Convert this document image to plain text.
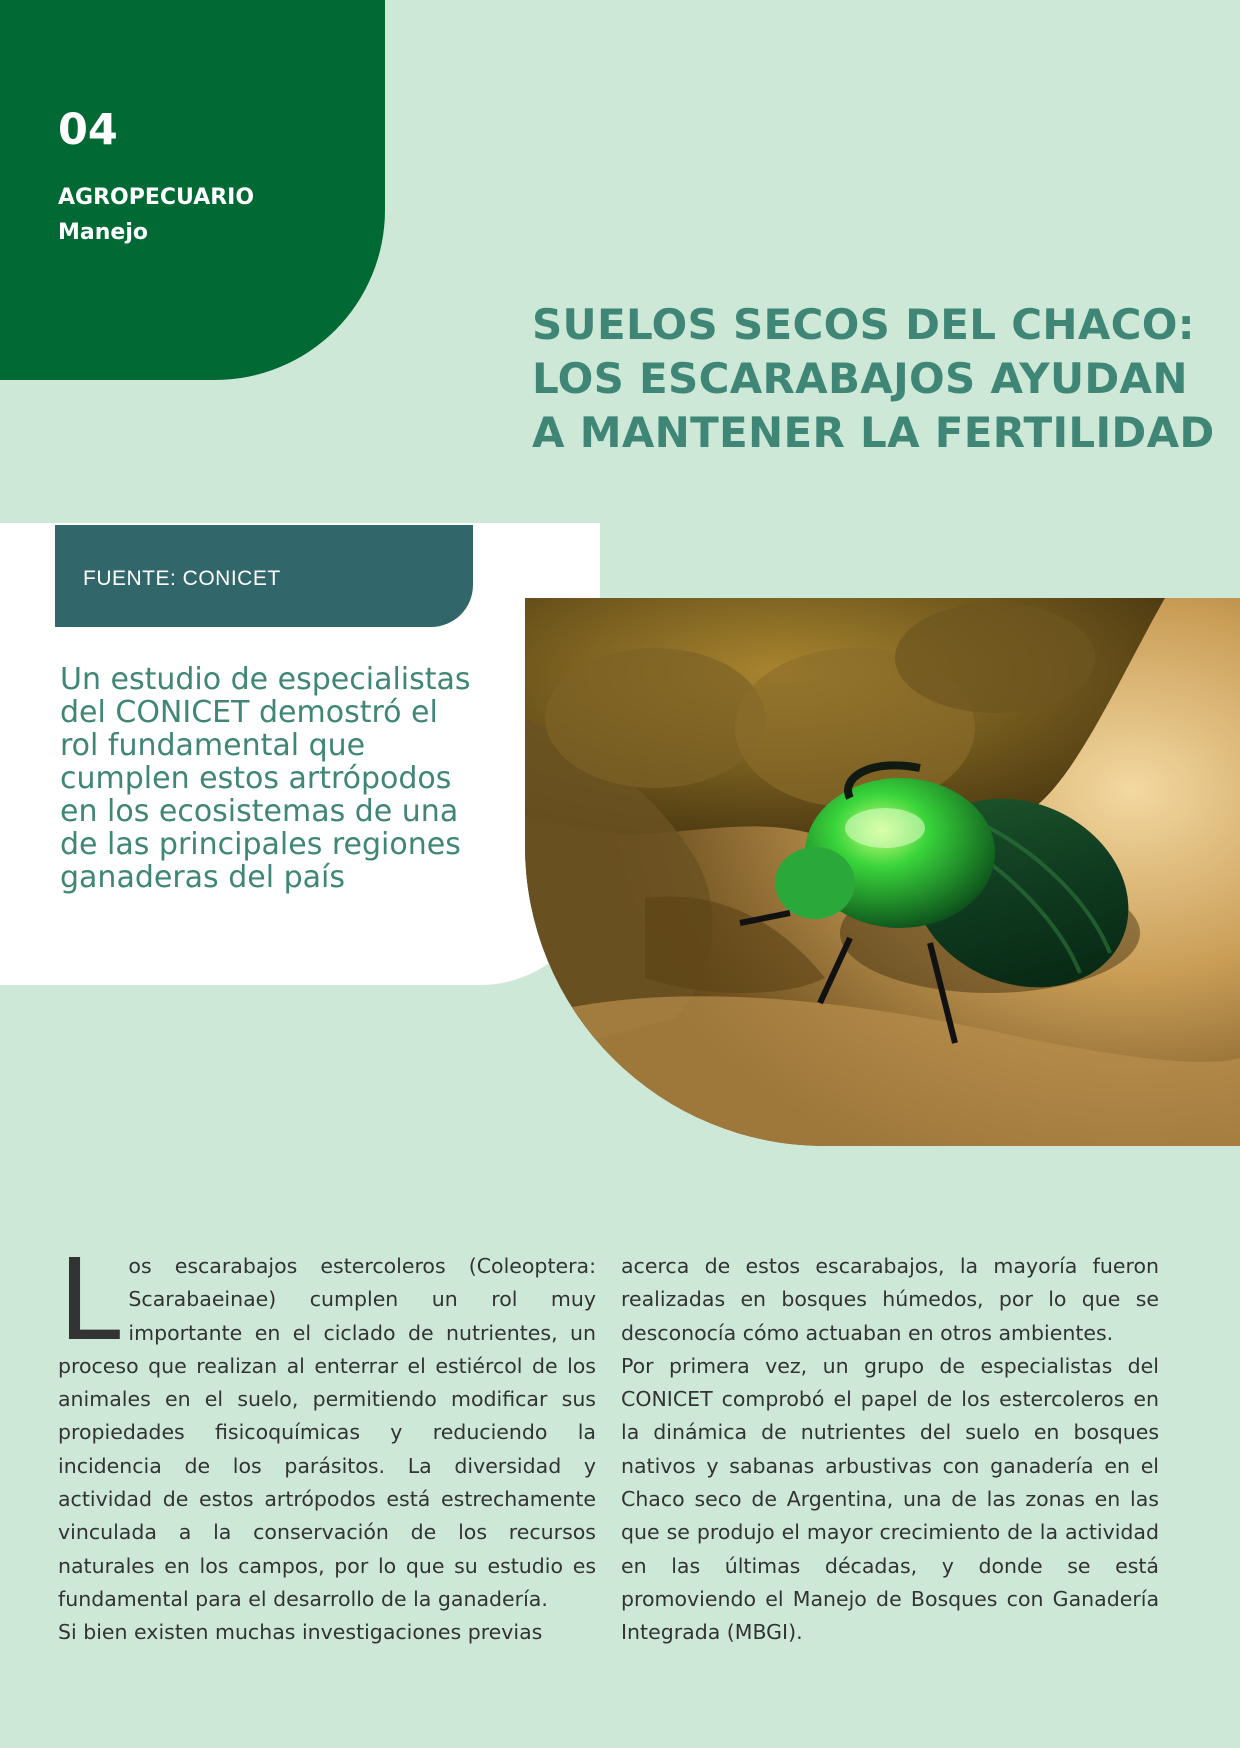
04
AGROPECUARIO
Manejo
SUELOS SECOS DEL CHACO:
LOS ESCARABAJOS AYUDAN
A MANTENER LA FERTILIDAD
FUENTE: CONICET

Un estudio de especialistas
del CONICET demostró el
rol fundamental que
cumplen estos artrópodos
en los ecosistemas de una
de las principales regiones
ganaderas del país

Los escarabajos estercoleros (Coleoptera: Scarabaeinae) cumplen un rol muy importante en el ciclado de nutrientes, un proceso que realizan al enterrar el estiércol de los animales en el suelo, permitiendo modificar sus propiedades fisicoquímicas y reduciendo la incidencia de los parásitos. La diversidad y actividad de estos artrópodos está estrechamente vinculada a la conservación de los recursos naturales en los campos, por lo que su estudio es fundamental para el desarrollo de la ganadería.

Si bien existen muchas investigaciones previas

acerca de estos escarabajos, la mayoría fueron realizadas en bosques húmedos, por lo que se desconocía cómo actuaban en otros ambientes.

Por primera vez, un grupo de especialistas del CONICET comprobó el papel de los estercoleros en la dinámica de nutrientes del suelo en bosques nativos y sabanas arbustivas con ganadería en el Chaco seco de Argentina, una de las zonas en las que se produjo el mayor crecimiento de la actividad en las últimas décadas, y donde se está promoviendo el Manejo de Bosques con Ganadería Integrada (MBGI).
